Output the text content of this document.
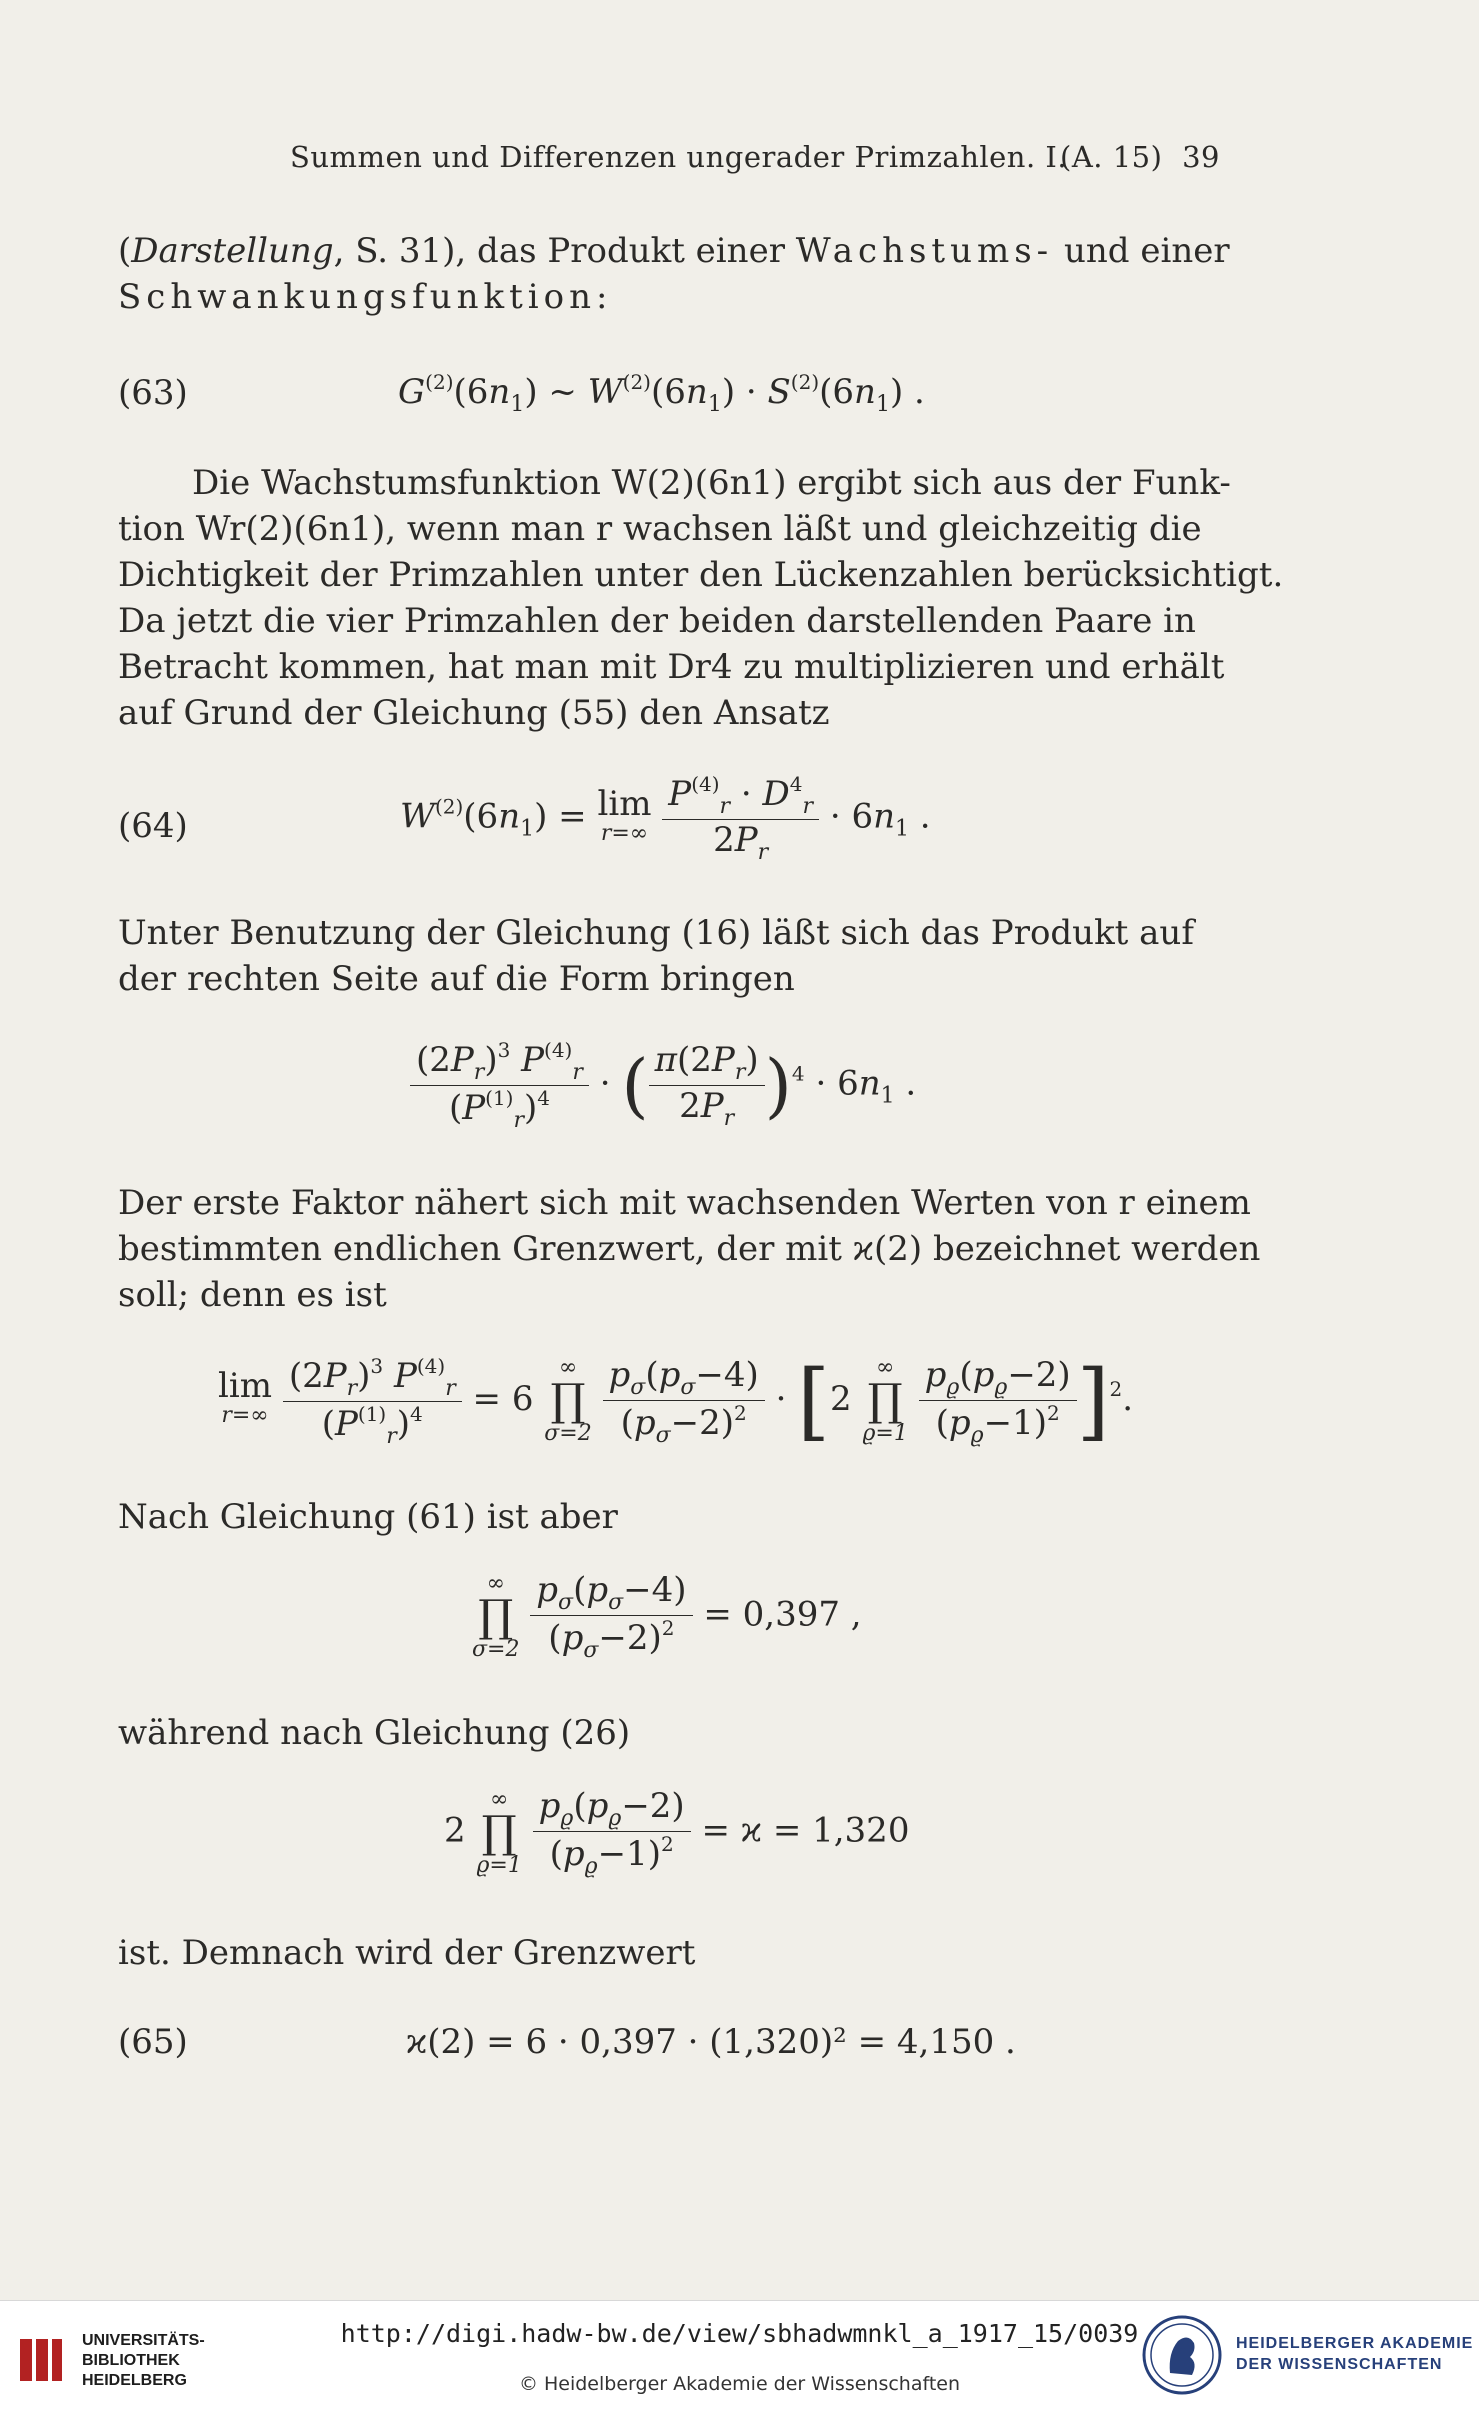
Summen und Differenzen ungerader Primzahlen. I.
(A. 15) 39
(Darstellung, S. 31), das Produkt einer Wachstums- und einer
Schwankungsfunktion:
(63)	$G^{(2)}(6n_1)$ ~ $W^{(2)}(6n_1) \cdot S^{(2)}(6n_1)$ .
Die Wachstumsfunktion W(2)(6n1) ergibt sich aus der Funk-
tion Wr(2)(6n1), wenn man r wachsen läßt und gleichzeitig die
Dichtigkeit der Primzahlen unter den Lückenzahlen berücksichtigt.
Da jetzt die vier Primzahlen der beiden darstellenden Paare in
Betracht kommen, hat man mit Dr4 zu multiplizieren und erhält
auf Grund der Gleichung (55) den Ansatz
(64)	$W^{(2)}(6n_1) = \lim$
r=∞
$\frac{P^{(4)}_r \cdot D^4_r}{2P_r} \cdot 6n_1$ .
Unter Benutzung der Gleichung (16) läßt sich das Produkt auf
der rechten Seite auf die Form bringen
$\frac{(2P_r)^3 P^{(4)}_r}{(P^{(1)}_r)^4}$ · ( $\frac{\pi(2P_r)}{2P_r} )^4 \cdot 6n_1$ .
Der erste Faktor nähert sich mit wachsenden Werten von r einem
bestimmten endlichen Grenzwert, der mit ϰ(2) bezeichnet werden
soll; denn es ist
lim
r=∞
$\frac{(2P_r)^3 P^{(4)}_r}{(P^{(1)}_r)^4} = 6$
∞
∏
σ=2
$\frac{p_\sigma(p_\sigma-4)}{(p_\sigma-2)^2} \cdot [2$
∞
∏
ϱ=1
$\frac{p_ϱ(p_ϱ-2)}{(p_ϱ-1)^2} ]^2$.
Nach Gleichung (61) ist aber
∞
∏
σ=2
$\frac{p_\sigma(p_\sigma-4)}{(p_\sigma-2)^2} = 0,397$ ,
während nach Gleichung (26)
2
∞
∏
ϱ=1
$\frac{p_ϱ(p_ϱ-2)}{(p_ϱ-1)^2} = ϰ = 1,320$
ist. Demnach wird der Grenzwert
(65)	ϰ(2) = 6 · 0,397 · (1,320)² = 4,150 .
UNIVERSITÄTS-
BIBLIOTHEK
HEIDELBERG
http://digi.hadw-bw.de/view/sbhadwmnkl_a_1917_15/0039
© Heidelberger Akademie der Wissenschaften
HEIDELBERGER AKADEMIE
DER WISSENSCHAFTEN
